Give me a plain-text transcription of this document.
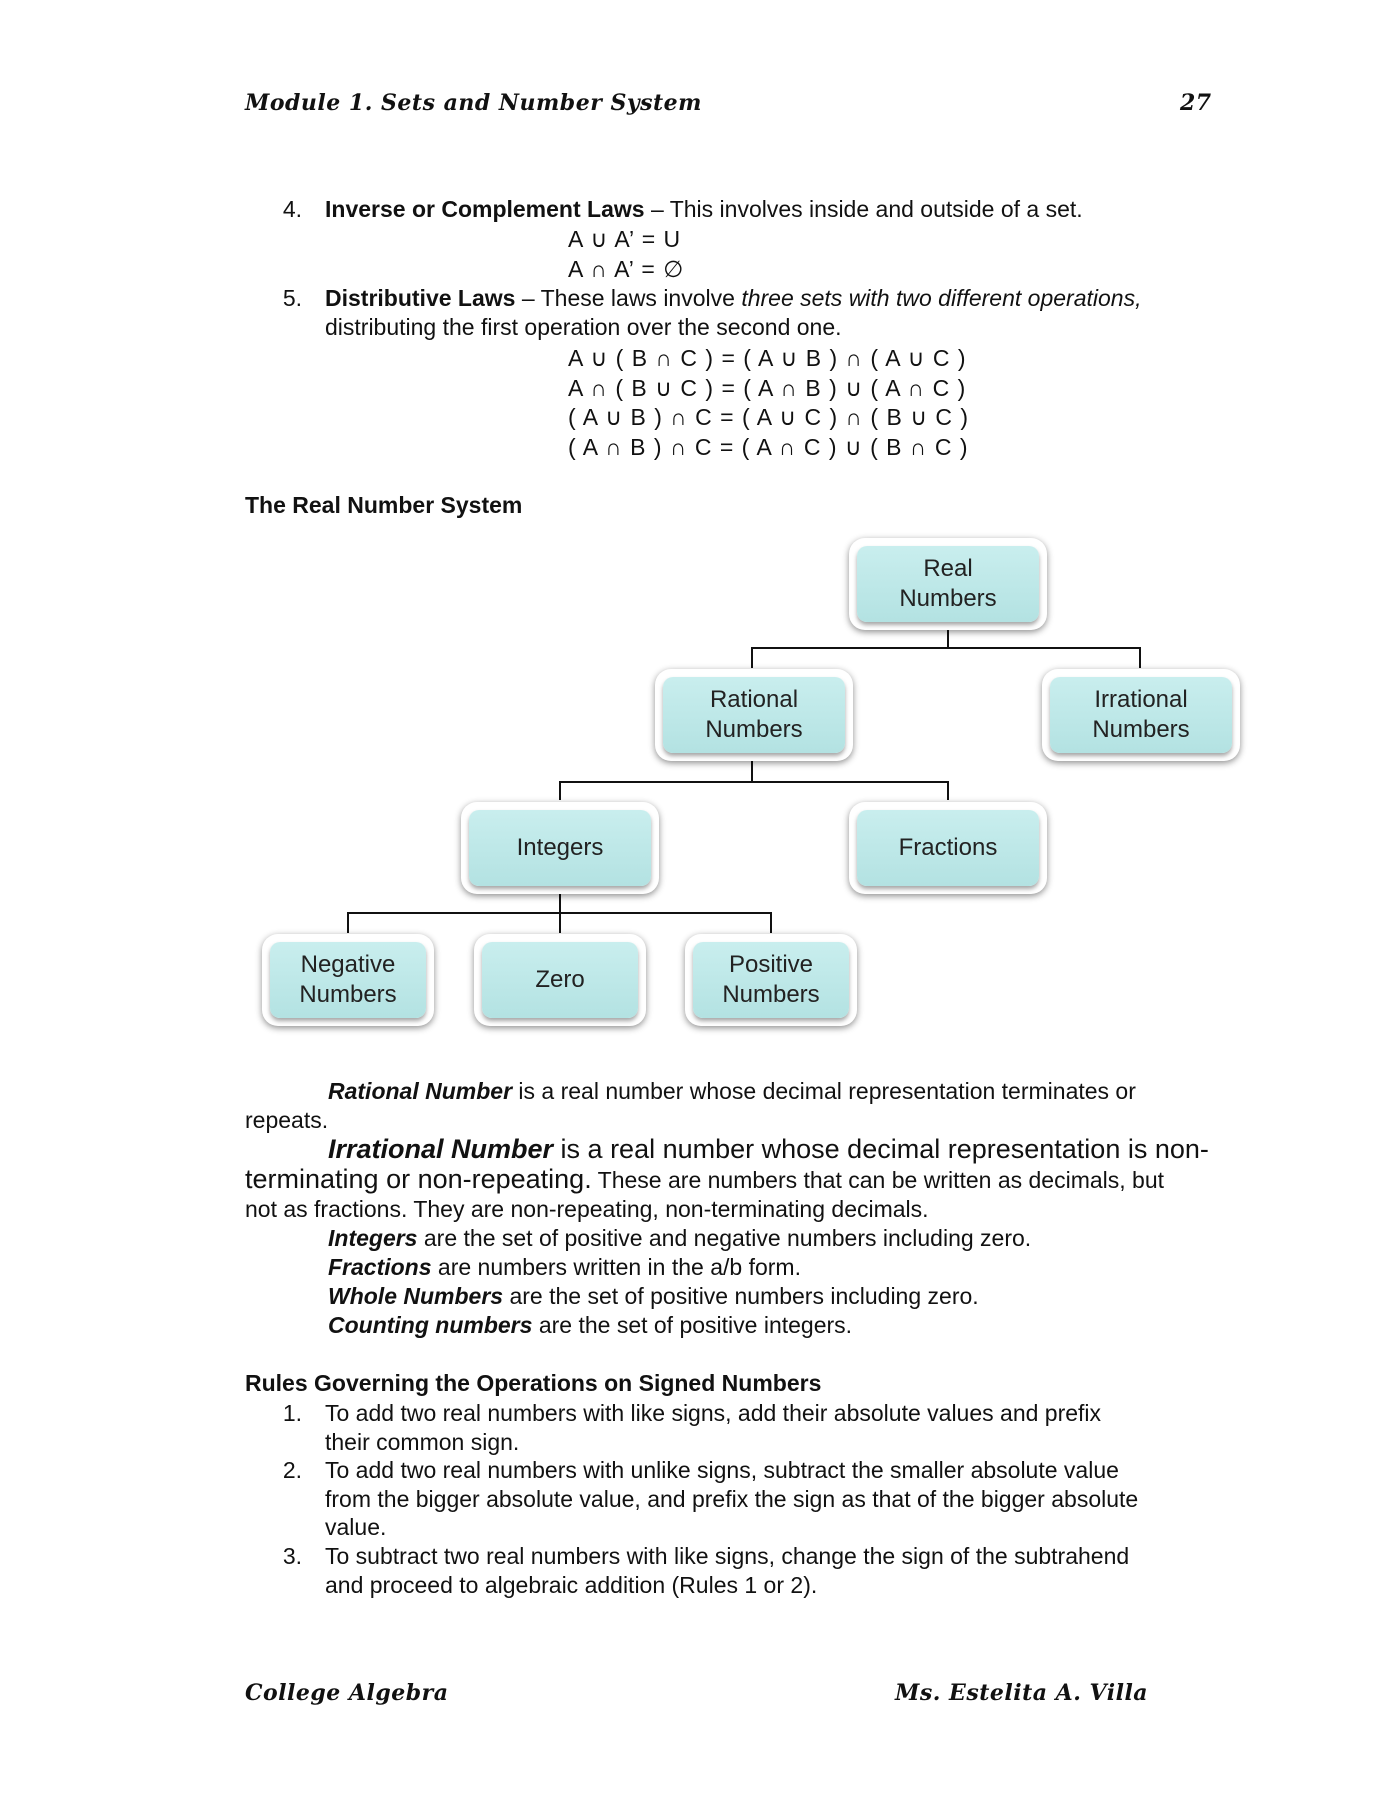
Module 1. Sets and Number System	27
4. Inverse or Complement Laws – This involves inside and outside of a set.
A ∪ A’ = U
A ∩ A’ = ∅
5. Distributive Laws – These laws involve three sets with two different operations,
distributing the first operation over the second one.
A ∪ ( B ∩ C ) = ( A ∪ B ) ∩ ( A ∪ C )
A ∩ ( B ∪ C ) = ( A ∩ B ) ∪ ( A ∩ C )
( A ∪ B ) ∩ C = ( A ∪ C ) ∩ ( B ∪ C )
( A ∩ B ) ∩ C = ( A ∩ C ) ∪ ( B ∩ C )
The Real Number System
Real Numbers
Rational Numbers
Irrational Numbers
Integers	Fractions
Negative Numbers
Zero
Positive Numbers
Rational Number is a real number whose decimal representation terminates or
repeats.
Irrational Number is a real number whose decimal representation is non-
terminating or non-repeating. These are numbers that can be written as decimals, but
not as fractions. They are non-repeating, non-terminating decimals.
Integers are the set of positive and negative numbers including zero.
Fractions are numbers written in the a/b form.
Whole Numbers are the set of positive numbers including zero.
Counting numbers are the set of positive integers.
Rules Governing the Operations on Signed Numbers
1. To add two real numbers with like signs, add their absolute values and prefix
their common sign.
2. To add two real numbers with unlike signs, subtract the smaller absolute value
from the bigger absolute value, and prefix the sign as that of the bigger absolute
value.
3. To subtract two real numbers with like signs, change the sign of the subtrahend
and proceed to algebraic addition (Rules 1 or 2).
College Algebra	Ms. Estelita A. Villa
